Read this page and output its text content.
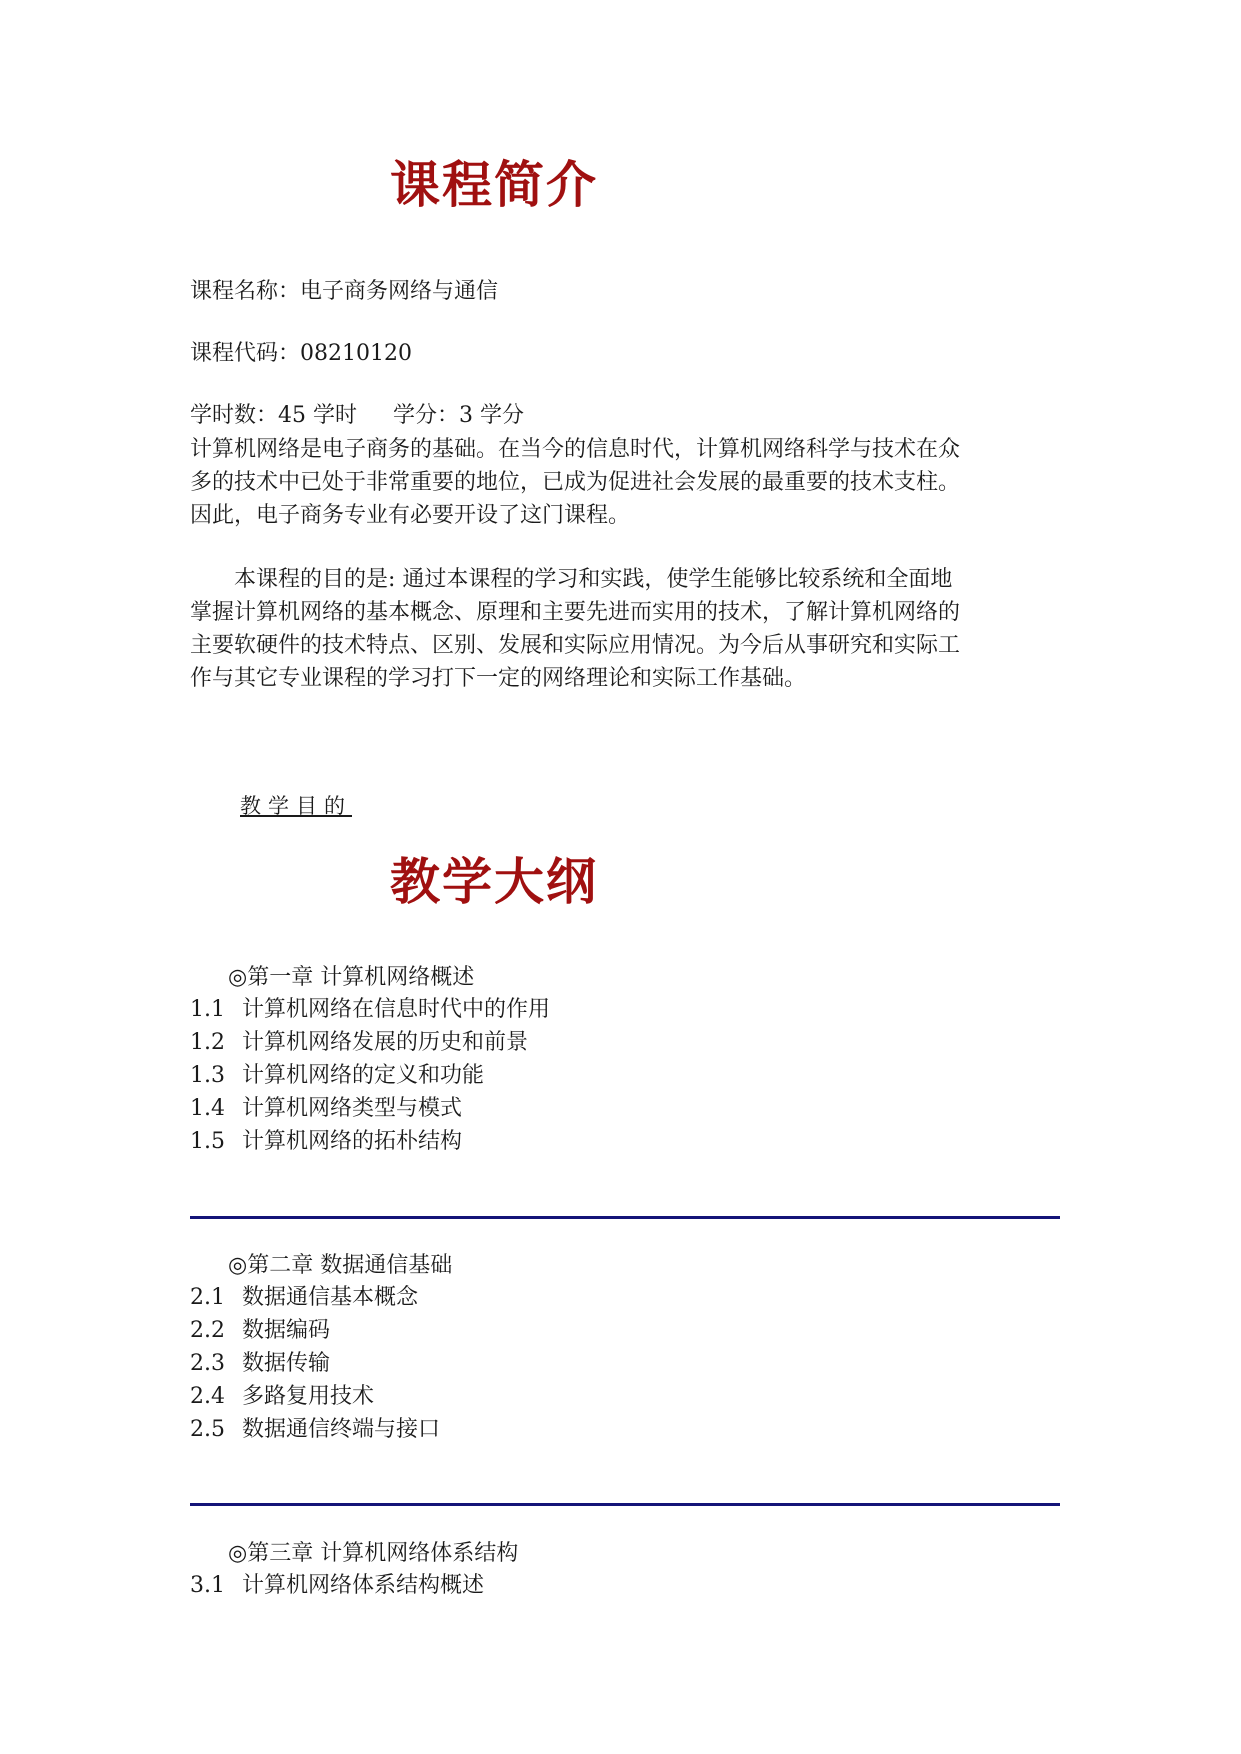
课程简介

课程名称：电子商务网络与通信

课程代码：08210120

学时数：45 学时 学分：3 学分

计算机网络是电子商务的基础。在当今的信息时代，计算机网络科学与技术在众

多的技术中已处于非常重要的地位，已成为促进社会发展的最重要的技术支柱。

因此，电子商务专业有必要开设了这门课程。

　　本课程的目的是: 通过本课程的学习和实践，使学生能够比较系统和全面地

掌握计算机网络的基本概念、原理和主要先进而实用的技术，了解计算机网络的

主要软硬件的技术特点、区别、发展和实际应用情况。为今后从事研究和实际工

作与其它专业课程的学习打下一定的网络理论和实际工作基础。

教学目的
教学大纲

◎第一章 计算机网络概述

1.1 计算机网络在信息时代中的作用
1.2 计算机网络发展的历史和前景
1.3 计算机网络的定义和功能
1.4 计算机网络类型与模式
1.5 计算机网络的拓朴结构

◎第二章 数据通信基础

2.1 数据通信基本概念
2.2 数据编码
2.3 数据传输
2.4 多路复用技术
2.5 数据通信终端与接口

◎第三章 计算机网络体系结构

3.1 计算机网络体系结构概述
